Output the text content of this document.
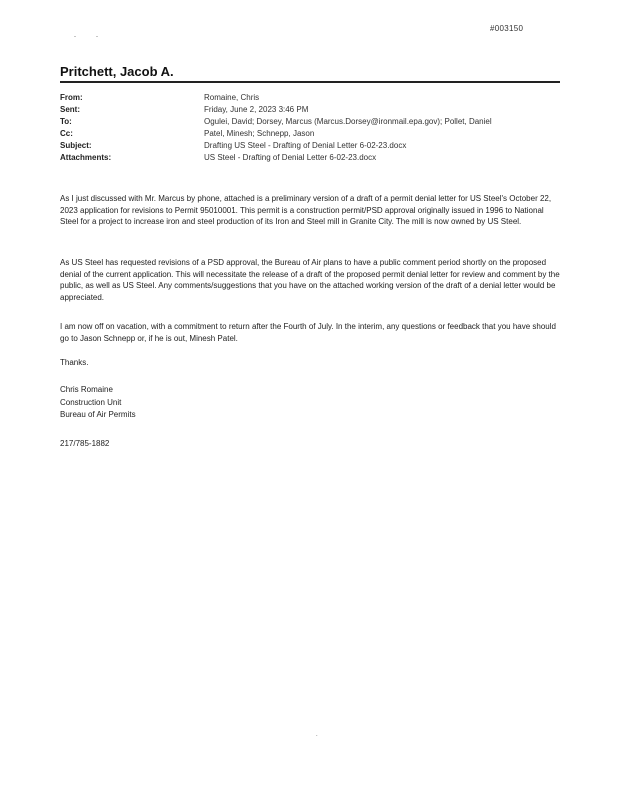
#003150
-	-
Pritchett, Jacob A.
From:	Romaine, Chris
Sent:	Friday, June 2, 2023 3:46 PM
To:	Ogulei, David; Dorsey, Marcus (Marcus.Dorsey@ironmail.epa.gov); Pollet, Daniel
Cc:	Patel, Minesh; Schnepp, Jason
Subject:	Drafting US Steel - Drafting of Denial Letter 6-02-23.docx
Attachments:	US Steel - Drafting of Denial Letter 6-02-23.docx

As I just discussed with Mr. Marcus by phone, attached is a preliminary version of a draft of a permit denial letter for US Steel's October 22, 2023 application for revisions to Permit 95010001. This permit is a construction permit/PSD approval originally issued in 1996 to National Steel for a project to increase iron and steel production of its Iron and Steel mill in Granite City. The mill is now owned by US Steel.

As US Steel has requested revisions of a PSD approval, the Bureau of Air plans to have a public comment period shortly on the proposed denial of the current application. This will necessitate the release of a draft of the proposed permit denial letter for review and comment by the public, as well as US Steel. Any comments/suggestions that you have on the attached working version of the draft of a denial letter would be appreciated.

I am now off on vacation, with a commitment to return after the Fourth of July. In the interim, any questions or feedback that you have should go to Jason Schnepp or, if he is out, Minesh Patel.

Thanks.
Chris Romaine
Construction Unit
Bureau of Air Permits
217/785-1882
.
